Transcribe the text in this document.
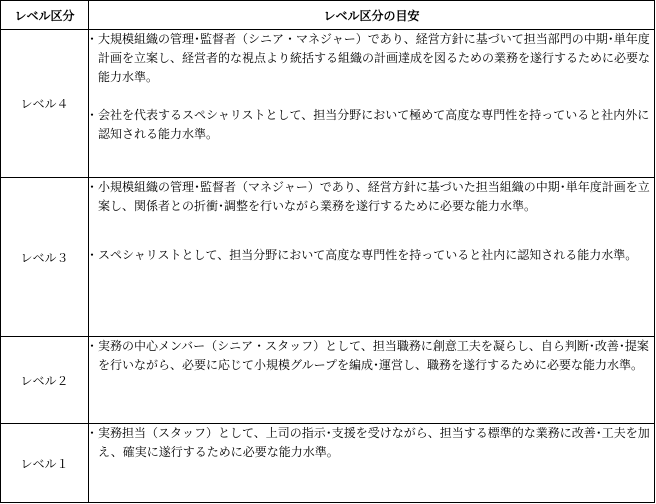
レベル区分	レベル区分の目安
レベル４	･ 大規模組織の管理･監督者（シニア・マネジャー）であり、経営方針に基づいて担当部門の中期･単年度計画を立案し、経営者的な視点より統括する組織の計画達成を図るための業務を遂行するために必要な能力水準。
･ 会社を代表するスペシャリストとして、担当分野において極めて高度な専門性を持っていると社内外に認知される能力水準。

レベル３	･ 小規模組織の管理･監督者（マネジャー）であり、経営方針に基づいた担当組織の中期･単年度計画を立案し、関係者との折衝･調整を行いながら業務を遂行するために必要な能力水準。
･ スペシャリストとして、担当分野において高度な専門性を持っていると社内に認知される能力水準。

レベル２	･ 実務の中心メンバー（シニア・スタッフ）として、担当職務に創意工夫を凝らし、自ら判断･改善･提案を行いながら、必要に応じて小規模グループを編成･運営し、職務を遂行するために必要な能力水準。

レベル１	･ 実務担当（スタッフ）として、上司の指示･支援を受けながら、担当する標準的な業務に改善･工夫を加え、確実に遂行するために必要な能力水準。
